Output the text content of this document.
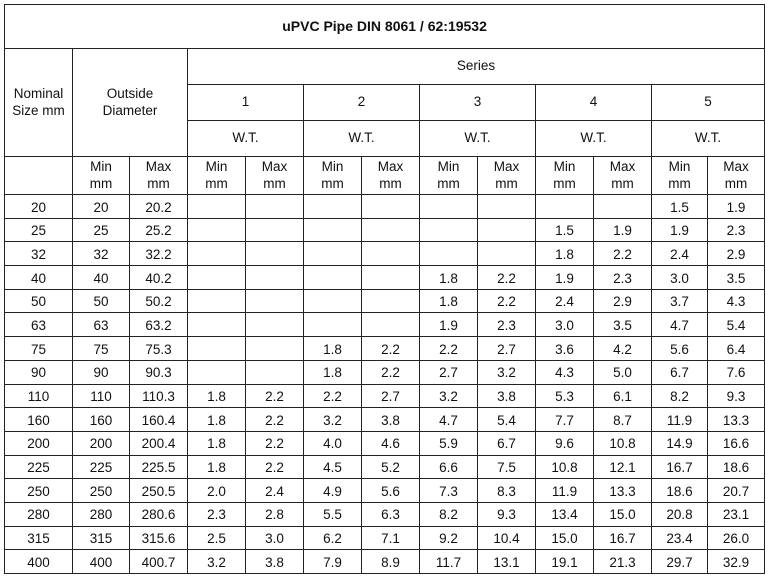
uPVC Pipe DIN 8061 / 62:19532												
Nominal Size mm	Outside Diameter		Series									
			1		2		3		4		5	
			W.T.		W.T.		W.T.		W.T.		W.T.	
	Min mm	Max mm	Min mm	Max mm	Min mm	Max mm	Min mm	Max mm	Min mm	Max mm	Min mm	Max mm
20	20	20.2									1.5	1.9
25	25	25.2							1.5	1.9	1.9	2.3
32	32	32.2							1.8	2.2	2.4	2.9
40	40	40.2					1.8	2.2	1.9	2.3	3.0	3.5
50	50	50.2					1.8	2.2	2.4	2.9	3.7	4.3
63	63	63.2					1.9	2.3	3.0	3.5	4.7	5.4
75	75	75.3			1.8	2.2	2.2	2.7	3.6	4.2	5.6	6.4
90	90	90.3			1.8	2.2	2.7	3.2	4.3	5.0	6.7	7.6
110	110	110.3	1.8	2.2	2.2	2.7	3.2	3.8	5.3	6.1	8.2	9.3
160	160	160.4	1.8	2.2	3.2	3.8	4.7	5.4	7.7	8.7	11.9	13.3
200	200	200.4	1.8	2.2	4.0	4.6	5.9	6.7	9.6	10.8	14.9	16.6
225	225	225.5	1.8	2.2	4.5	5.2	6.6	7.5	10.8	12.1	16.7	18.6
250	250	250.5	2.0	2.4	4.9	5.6	7.3	8.3	11.9	13.3	18.6	20.7
280	280	280.6	2.3	2.8	5.5	6.3	8.2	9.3	13.4	15.0	20.8	23.1
315	315	315.6	2.5	3.0	6.2	7.1	9.2	10.4	15.0	16.7	23.4	26.0
400	400	400.7	3.2	3.8	7.9	8.9	11.7	13.1	19.1	21.3	29.7	32.9
